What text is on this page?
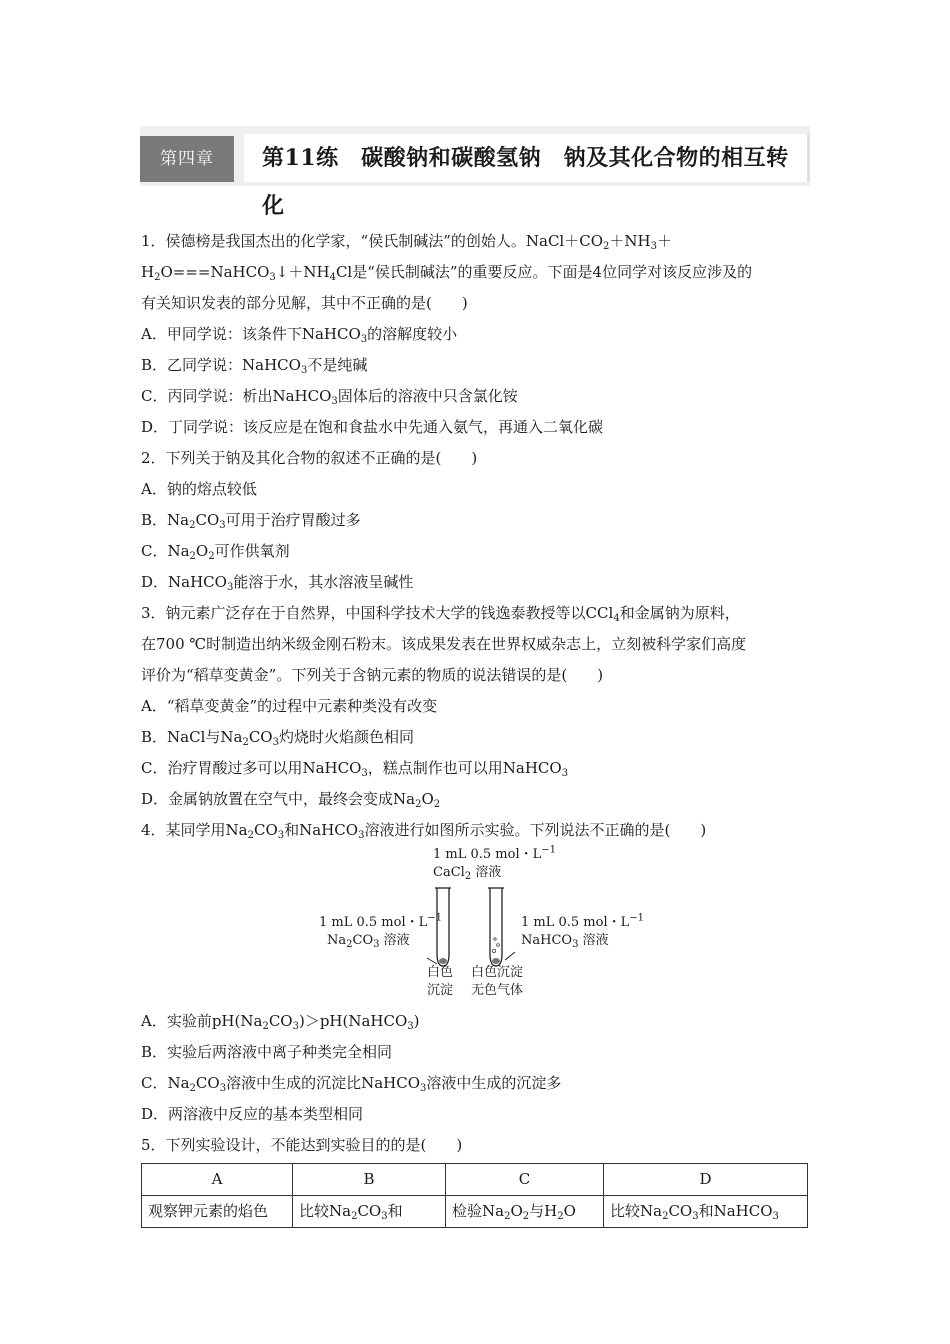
第四章	第11练　碳酸钠和碳酸氢钠　钠及其化合物的相互转化

1．侯德榜是我国杰出的化学家，“侯氏制碱法”的创始人。$NaCl+CO_2+NH_3+$
$H_2O===NaHCO_3↓+NH_4Cl$是“侯氏制碱法”的重要反应。下面是4位同学对该反应涉及的
有关知识发表的部分见解，其中不正确的是(　　)

A．甲同学说：该条件下NaHCO$_3$的溶解度较小

B．乙同学说：NaHCO$_3$不是纯碱

C．丙同学说：析出NaHCO$_3$固体后的溶液中只含氯化铵

D．丁同学说：该反应是在饱和食盐水中先通入氨气，再通入二氧化碳

2．下列关于钠及其化合物的叙述不正确的是(　　)

A．钠的熔点较低

B．$Na_2CO_3$可用于治疗胃酸过多

C．$Na_2O_2$可作供氧剂

D．NaHCO$_3$能溶于水，其水溶液呈碱性

3．钠元素广泛存在于自然界，中国科学技术大学的钱逸泰教授等以CCl$_4$和金属钠为原料，
在700 ℃时制造出纳米级金刚石粉末。该成果发表在世界权威杂志上，立刻被科学家们高度
评价为“稻草变黄金”。下列关于含钠元素的物质的说法错误的是(　　)

A．“稻草变黄金”的过程中元素种类没有改变

B．NaCl与$Na_2CO_3$灼烧时火焰颜色相同

C．治疗胃酸过多可以用NaHCO$_3$，糕点制作也可以用NaHCO$_3$

D．金属钠放置在空气中，最终会变成$Na_2O_2$

4．某同学用$Na_2CO_3$和NaHCO$_3$溶液进行如图所示实验。下列说法不正确的是(　　)

1 mL 0.5 mol・$L^{-1}$
CaCl$_2$ 溶液
1 mL 0.5 mol・$L^{-1}$
$Na_2CO_3$ 溶液
1 mL 0.5 mol・$L^{-1}$
NaHCO$_3$ 溶液
白色
沉淀
白色沉淀
无色气体

A．实验前$pH(Na_2CO_3)>pH(NaHCO_3)$

B．实验后两溶液中离子种类完全相同

C．$Na_2CO_3$溶液中生成的沉淀比NaHCO$_3$溶液中生成的沉淀多

D．两溶液中反应的基本类型相同

5．下列实验设计，不能达到实验目的的是(　　)

A	B	C	D
观察钾元素的焰色	比较$Na_2CO_3$和	检验$Na_2O_2$与$H_2O$	比较$Na_2CO_3$和NaHCO$_3$
